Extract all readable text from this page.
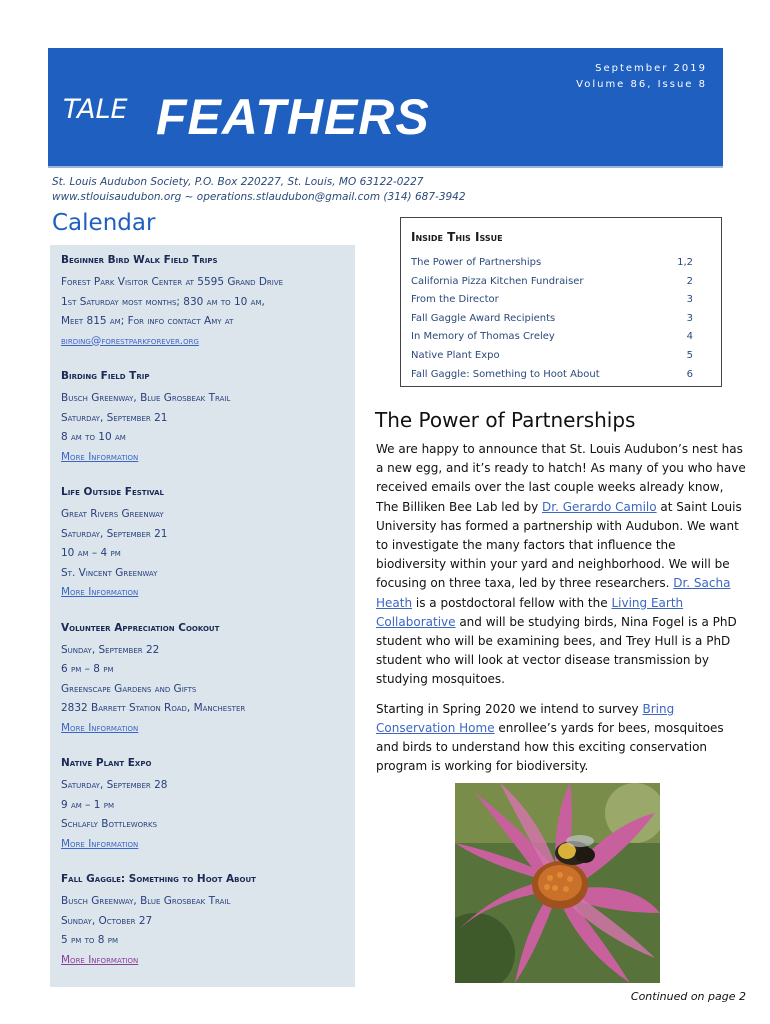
September 2019
Volume 86, Issue 8
TALE FEATHERS
St. Louis Audubon Society, P.O. Box 220227, St. Louis, MO 63122-0227
www.stlouisaudubon.org ~ operations.stlaudubon@gmail.com (314) 687-3942
Calendar
Beginner Bird Walk Field Trips
Forest Park Visitor Center at 5595 Grand Drive
1st Saturday most months; 830 am to 10 am,
Meet 815 am; For info contact Amy at
birding@forestparkforever.org
Birding Field Trip
Busch Greenway, Blue Grosbeak Trail
Saturday, September 21
8 am to 10 am
More Information
Life Outside Festival
Great Rivers Greenway
Saturday, September 21
10 am – 4 pm
St. Vincent Greenway
More Information
Volunteer Appreciation Cookout
Sunday, September 22
6 pm – 8 pm
Greenscape Gardens and Gifts
2832 Barrett Station Road, Manchester
More Information
Native Plant Expo
Saturday, September 28
9 am – 1 pm
Schlafly Bottleworks
More Information
Fall Gaggle: Something to Hoot About
Busch Greenway, Blue Grosbeak Trail
Sunday, October 27
5 pm to 8 pm
More Information
Inside This Issue
The Power of Partnerships	1,2
California Pizza Kitchen Fundraiser	2
From the Director	3
Fall Gaggle Award Recipients	3
In Memory of Thomas Creley	4
Native Plant Expo	5
Fall Gaggle: Something to Hoot About	6
The Power of Partnerships

We are happy to announce that St. Louis Audubon’s nest has a new egg, and it’s ready to hatch! As many of you who have received emails over the last couple weeks already know, The Billiken Bee Lab led by Dr. Gerardo Camilo at Saint Louis University has formed a partnership with Audubon. We want to investigate the many factors that influence the biodiversity within your yard and neighborhood. We will be focusing on three taxa, led by three researchers. Dr. Sacha Heath is a postdoctoral fellow with the Living Earth Collaborative and will be studying birds, Nina Fogel is a PhD student who will be examining bees, and Trey Hull is a PhD student who will look at vector disease transmission by studying mosquitoes.

Starting in Spring 2020 we intend to survey Bring Conservation Home enrollee’s yards for bees, mosquitoes and birds to understand how this exciting conservation program is working for biodiversity.

Continued on page 2
